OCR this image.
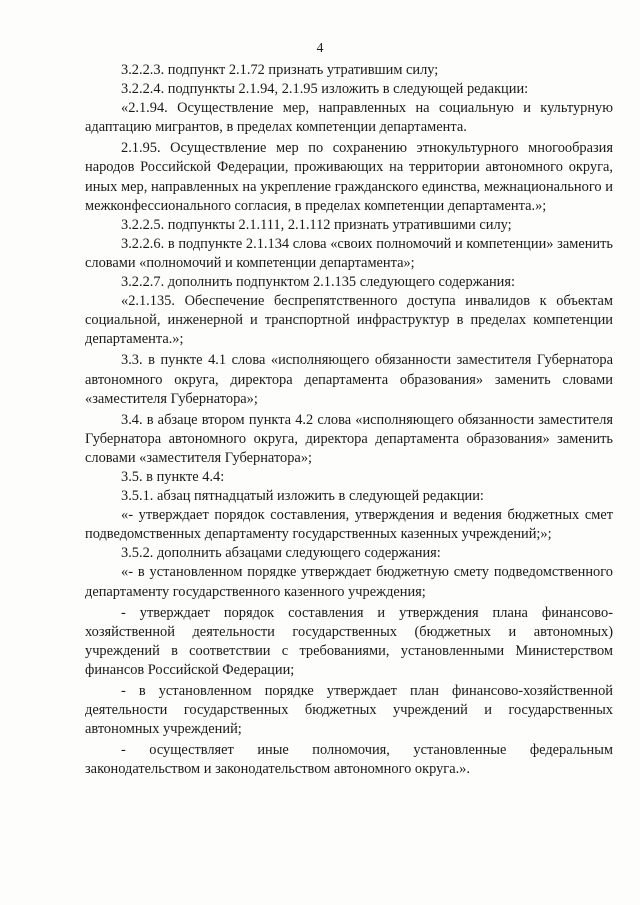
4

3.2.2.3. подпункт 2.1.72 признать утратившим силу;

3.2.2.4. подпункты 2.1.94, 2.1.95 изложить в следующей редакции:

«2.1.94. Осуществление мер, направленных на социальную и культурную адаптацию мигрантов, в пределах компетенции департамента.

2.1.95. Осуществление мер по сохранению этнокультурного многообразия народов Российской Федерации, проживающих на территории автономного округа, иных мер, направленных на укрепление гражданского единства, межнационального и межконфессионального согласия, в пределах компетенции департамента.»;

3.2.2.5. подпункты 2.1.111, 2.1.112 признать утратившими силу;

3.2.2.6. в подпункте 2.1.134 слова «своих полномочий и компетенции» заменить словами «полномочий и компетенции департамента»;

3.2.2.7. дополнить подпунктом 2.1.135 следующего содержания:

«2.1.135. Обеспечение беспрепятственного доступа инвалидов к объектам социальной, инженерной и транспортной инфраструктур в пределах компетенции департамента.»;

3.3. в пункте 4.1 слова «исполняющего обязанности заместителя Губернатора автономного округа, директора департамента образования» заменить словами «заместителя Губернатора»;

3.4. в абзаце втором пункта 4.2 слова «исполняющего обязанности заместителя Губернатора автономного округа, директора департамента образования» заменить словами «заместителя Губернатора»;

3.5. в пункте 4.4:

3.5.1. абзац пятнадцатый изложить в следующей редакции:

«- утверждает порядок составления, утверждения и ведения бюджетных смет подведомственных департаменту государственных казенных учреждений;»;

3.5.2. дополнить абзацами следующего содержания:

«- в установленном порядке утверждает бюджетную смету подведомственного департаменту государственного казенного учреждения;

- утверждает порядок составления и утверждения плана финансово-хозяйственной деятельности государственных (бюджетных и автономных) учреждений в соответствии с требованиями, установленными Министерством финансов Российской Федерации;

- в установленном порядке утверждает план финансово-хозяйственной деятельности государственных бюджетных учреждений и государственных автономных учреждений;

- осуществляет иные полномочия, установленные федеральным законодательством и законодательством автономного округа.».
